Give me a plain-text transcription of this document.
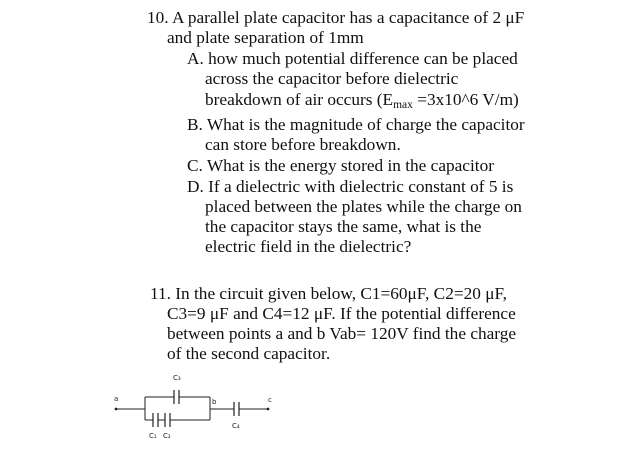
10. A parallel plate capacitor has a capacitance of 2 μF
and plate separation of 1mm
A. how much potential difference can be placed
across the capacitor before dielectric
breakdown of air occurs ($E_{max}$ =3x10^6 V/m)
B. What is the magnitude of charge the capacitor
can store before breakdown.
C. What is the energy stored in the capacitor
D. If a dielectric with dielectric constant of 5 is
placed between the plates while the charge on
the capacitor stays the same, what is the
electric field in the dielectric?
11. In the circuit given below, C1=60μF, C2=20 μF,
C3=9 μF and C4=12 μF. If the potential difference
between points a and b Vab= 120V find the charge
of the second capacitor.
a	b	c
C₃
C₁ C₂
C₄
